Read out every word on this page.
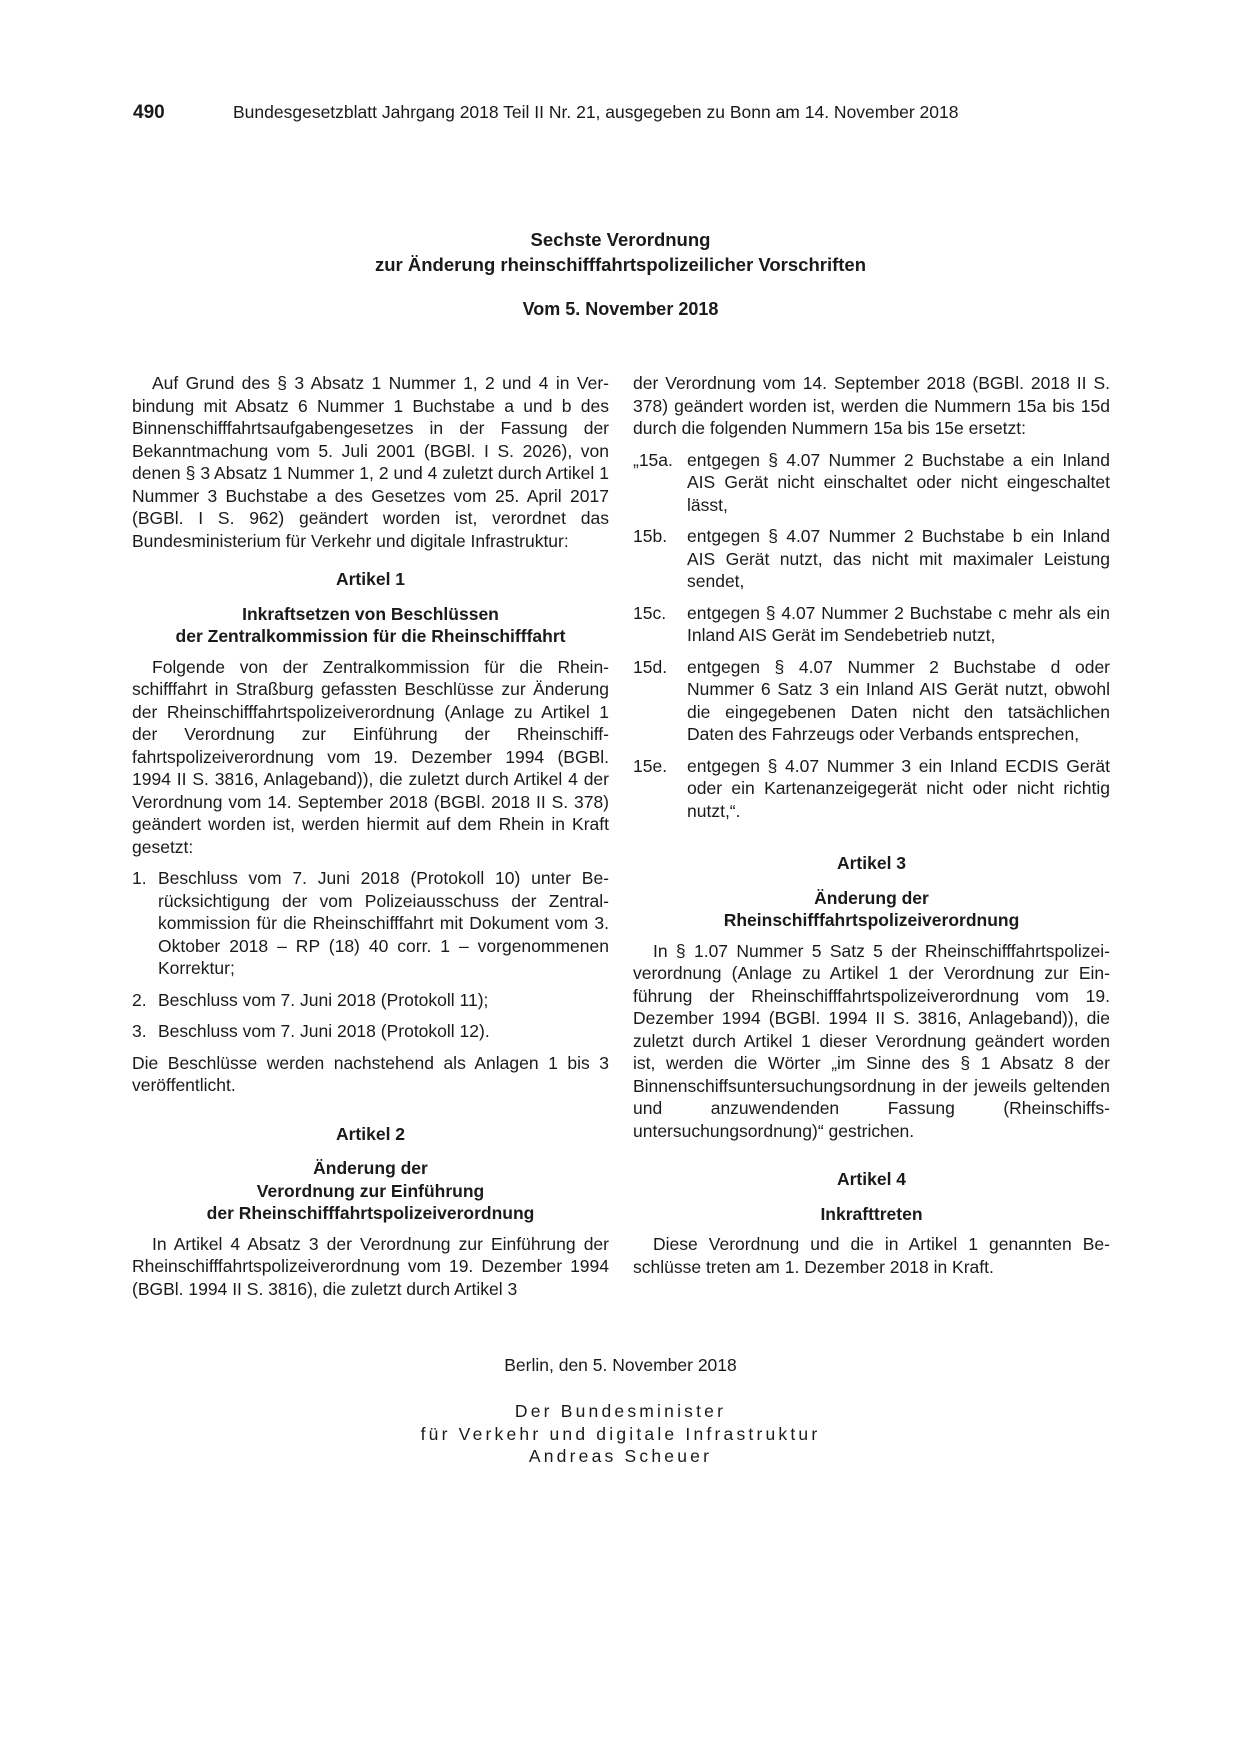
490	Bundesgesetzblatt Jahrgang 2018 Teil II Nr. 21, ausgegeben zu Bonn am 14. November 2018
Sechste Verordnung
zur Änderung rheinschifffahrtspolizeilicher Vorschriften
Vom 5. November 2018

Auf Grund des § 3 Absatz 1 Nummer 1, 2 und 4 in Verbindung mit Absatz 6 Nummer 1 Buchstabe a und b des Binnenschifffahrtsaufgabengesetzes in der Fassung der Bekanntmachung vom 5. Juli 2001 (BGBl. I S. 2026), von denen § 3 Absatz 1 Nummer 1, 2 und 4 zuletzt durch Artikel 1 Nummer 3 Buchstabe a des Gesetzes vom 25. April 2017 (BGBl. I S. 962) geändert worden ist, verordnet das Bundesministerium für Verkehr und digitale Infrastruktur:

Artikel 1

Inkraftsetzen von Beschlüssen
der Zentralkommission für die Rheinschifffahrt

Folgende von der Zentralkommission für die Rheinschifffahrt in Straßburg gefassten Beschlüsse zur Änderung der Rheinschifffahrtspolizeiverordnung (Anlage zu Artikel 1 der Verordnung zur Einführung der Rheinschifffahrtspolizeiverordnung vom 19. Dezember 1994 (BGBl. 1994 II S. 3816, Anlageband)), die zuletzt durch Artikel 4 der Verordnung vom 14. September 2018 (BGBl. 2018 II S. 378) geändert worden ist, werden hiermit auf dem Rhein in Kraft gesetzt:

1. Beschluss vom 7. Juni 2018 (Protokoll 10) unter Berücksichtigung der vom Polizeiausschuss der Zentralkommission für die Rheinschifffahrt mit Dokument vom 3. Oktober 2018 – RP (18) 40 corr. 1 – vorgenommenen Korrektur;
2. Beschluss vom 7. Juni 2018 (Protokoll 11);
3. Beschluss vom 7. Juni 2018 (Protokoll 12).

Die Beschlüsse werden nachstehend als Anlagen 1 bis 3 veröffentlicht.

Artikel 2

Änderung der
Verordnung zur Einführung
der Rheinschifffahrtspolizeiverordnung

In Artikel 4 Absatz 3 der Verordnung zur Einführung der Rheinschifffahrtspolizeiverordnung vom 19. Dezember 1994 (BGBl. 1994 II S. 3816), die zuletzt durch Artikel 3

der Verordnung vom 14. September 2018 (BGBl. 2018 II S. 378) geändert worden ist, werden die Nummern 15a bis 15d durch die folgenden Nummern 15a bis 15e ersetzt:

„15a. entgegen § 4.07 Nummer 2 Buchstabe a ein Inland AIS Gerät nicht einschaltet oder nicht eingeschaltet lässt,
15b.	entgegen § 4.07 Nummer 2 Buchstabe b ein Inland AIS Gerät nutzt, das nicht mit maximaler Leistung sendet,
15c.	entgegen § 4.07 Nummer 2 Buchstabe c mehr als ein Inland AIS Gerät im Sendebetrieb nutzt,
15d.	entgegen § 4.07 Nummer 2 Buchstabe d oder Nummer 6 Satz 3 ein Inland AIS Gerät nutzt, obwohl die eingegebenen Daten nicht den tatsächlichen Daten des Fahrzeugs oder Verbands entsprechen,
15e.	entgegen § 4.07 Nummer 3 ein Inland ECDIS Gerät oder ein Kartenanzeigegerät nicht oder nicht richtig nutzt,“.

Artikel 3

Änderung der
Rheinschifffahrtspolizeiverordnung

In § 1.07 Nummer 5 Satz 5 der Rheinschifffahrtspolizeiverordnung (Anlage zu Artikel 1 der Verordnung zur Einführung der Rheinschifffahrtspolizeiverordnung vom 19. Dezember 1994 (BGBl. 1994 II S. 3816, Anlageband)), die zuletzt durch Artikel 1 dieser Verordnung geändert worden ist, werden die Wörter „im Sinne des § 1 Absatz 8 der Binnenschiffsuntersuchungsordnung in der jeweils geltenden und anzuwendenden Fassung (Rheinschiffsuntersuchungsordnung)“ gestrichen.

Artikel 4

Inkrafttreten

Diese Verordnung und die in Artikel 1 genannten Beschlüsse treten am 1. Dezember 2018 in Kraft.

Berlin, den 5. November 2018
Der Bundesminister
für Verkehr und digitale Infrastruktur
Andreas Scheuer
